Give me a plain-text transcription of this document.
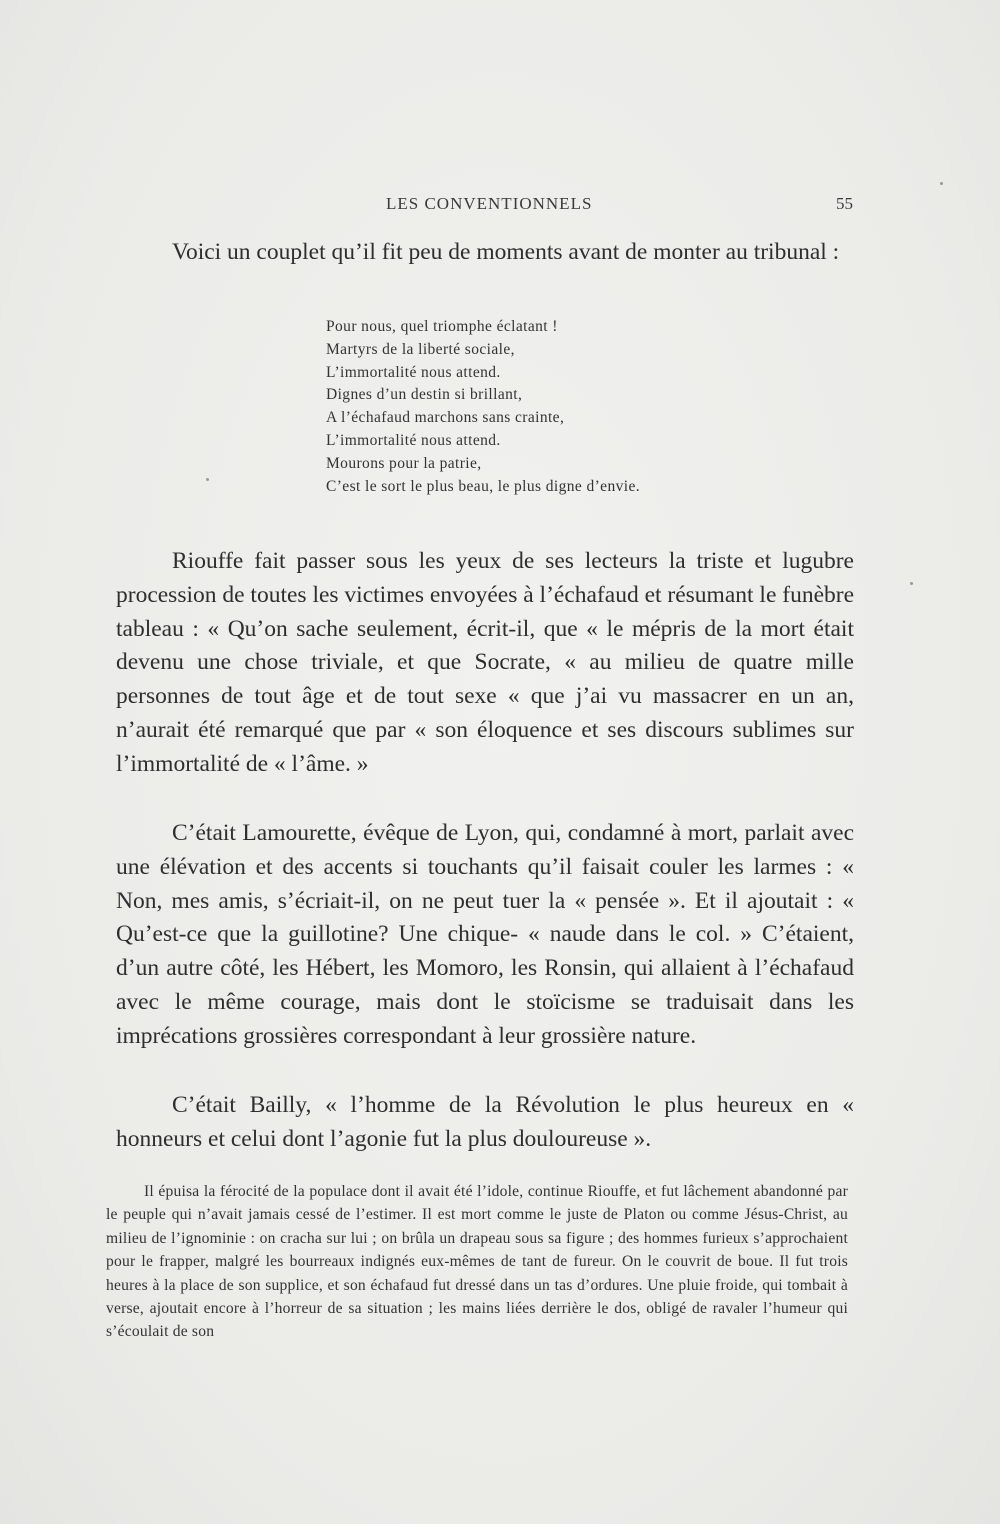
LES CONVENTIONNELS	55

Voici un couplet qu’il fit peu de moments avant de monter au tribunal :

Pour nous, quel triomphe éclatant !
Martyrs de la liberté sociale,
L’immortalité nous attend.
Dignes d’un destin si brillant,
A l’échafaud marchons sans crainte,
L’immortalité nous attend.
Mourons pour la patrie,
C’est le sort le plus beau, le plus digne d’envie.

Riouffe fait passer sous les yeux de ses lecteurs la triste et lugubre procession de toutes les victimes envoyées à l’échafaud et résumant le funèbre tableau : « Qu’on sache seulement, écrit-il, que « le mépris de la mort était devenu une chose triviale, et que Socrate, « au milieu de quatre mille personnes de tout âge et de tout sexe « que j’ai vu massacrer en un an, n’aurait été remarqué que par « son éloquence et ses discours sublimes sur l’immortalité de « l’âme. »

C’était Lamourette, évêque de Lyon, qui, condamné à mort, parlait avec une élévation et des accents si touchants qu’il faisait couler les larmes : « Non, mes amis, s’écriait-il, on ne peut tuer la « pensée ». Et il ajoutait : « Qu’est-ce que la guillotine? Une chique- « naude dans le col. » C’étaient, d’un autre côté, les Hébert, les Momoro, les Ronsin, qui allaient à l’échafaud avec le même courage, mais dont le stoïcisme se traduisait dans les imprécations grossières correspondant à leur grossière nature.

C’était Bailly, « l’homme de la Révolution le plus heureux en « honneurs et celui dont l’agonie fut la plus douloureuse ».

Il épuisa la férocité de la populace dont il avait été l’idole, continue Riouffe, et fut lâchement abandonné par le peuple qui n’avait jamais cessé de l’estimer. Il est mort comme le juste de Platon ou comme Jésus-Christ, au milieu de l’ignominie : on cracha sur lui ; on brûla un drapeau sous sa figure ; des hommes furieux s’approchaient pour le frapper, malgré les bourreaux indignés eux-mêmes de tant de fureur. On le couvrit de boue. Il fut trois heures à la place de son supplice, et son échafaud fut dressé dans un tas d’ordures. Une pluie froide, qui tombait à verse, ajoutait encore à l’horreur de sa situation ; les mains liées derrière le dos, obligé de ravaler l’humeur qui s’écoulait de son
